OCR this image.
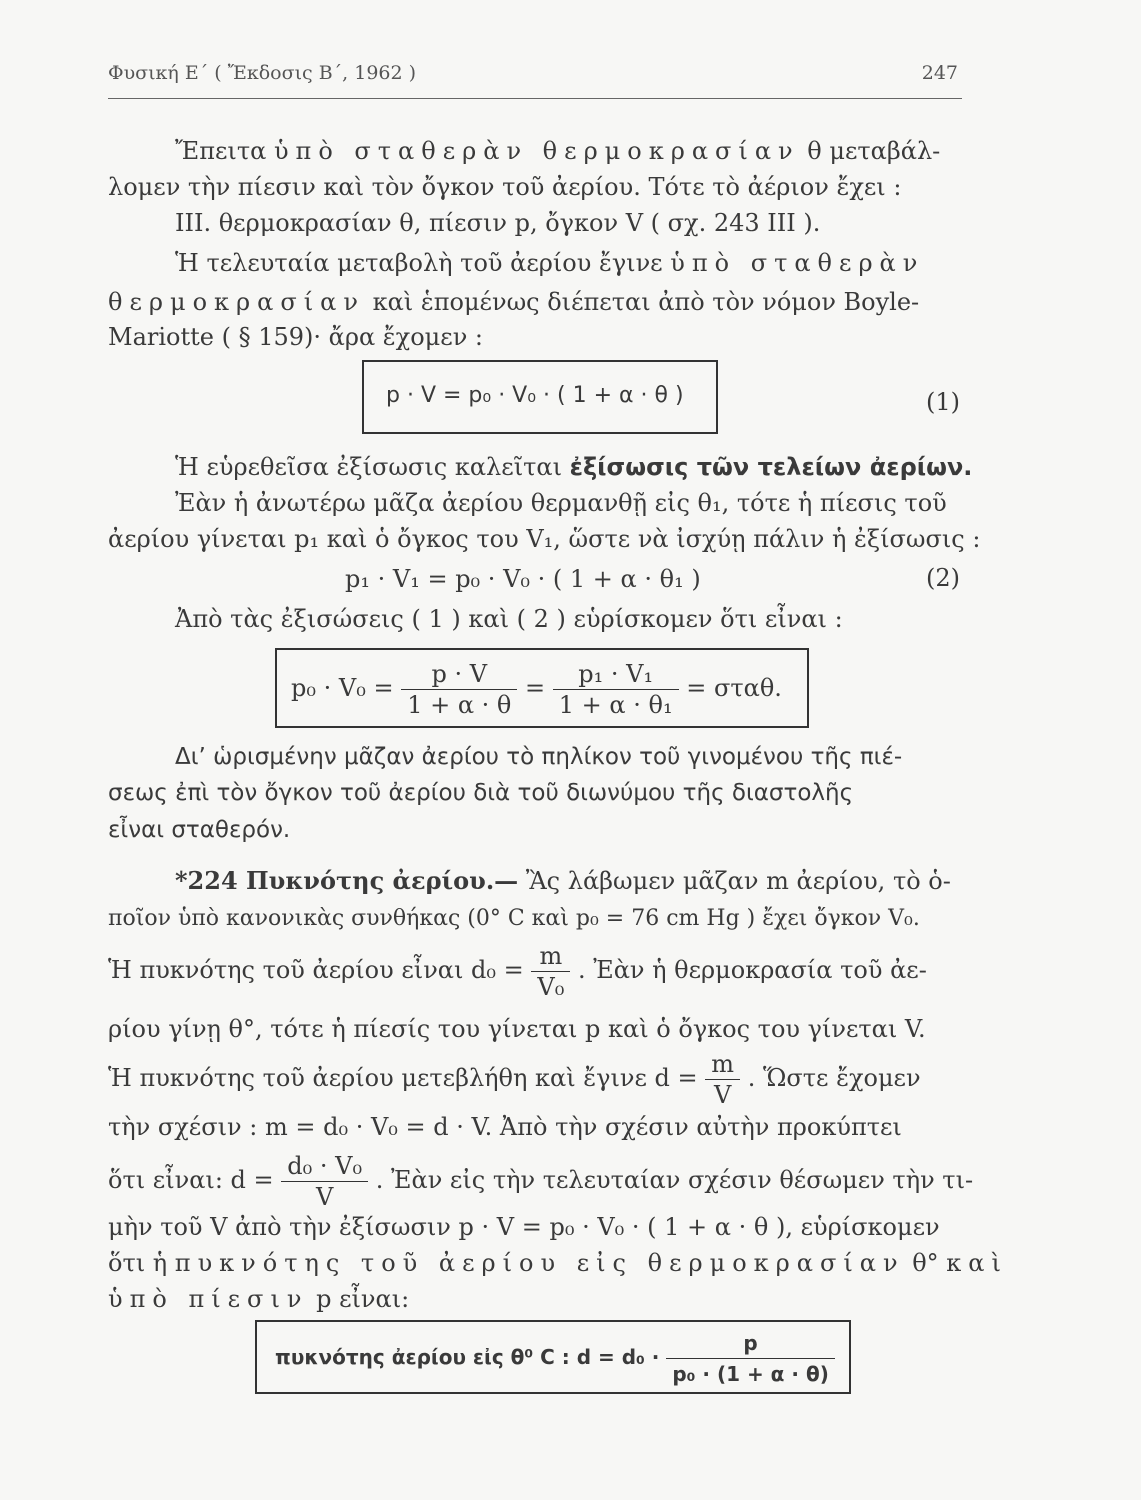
Φυσική Ε΄ ( Ἔκδοσις Β΄, 1962 )	247
Ἔπειτα ὑπὸ σταθερὰν θερμοκρασίαν θ μεταβάλ-
λομεν τὴν πίεσιν καὶ τὸν ὄγκον τοῦ ἀερίου. Τότε τὸ ἀέριον ἔχει :
ΙΙΙ. θερμοκρασίαν θ, πίεσιν p, ὄγκον V ( σχ. 243 ΙΙΙ ).
Ἡ τελευταία μεταβολὴ τοῦ ἀερίου ἔγινε ὑπὸ σταθερὰν
θερμοκρασίαν καὶ ἑπομένως διέπεται ἀπὸ τὸν νόμον Boyle-
Mariotte ( § 159)· ἄρα ἔχομεν :
p · V = p₀ · V₀ · ( 1 + α · θ )	(1)
Ἡ εὑρεθεῖσα ἐξίσωσις καλεῖται ἐξίσωσις τῶν τελείων ἀερίων.
Ἐὰν ἡ ἀνωτέρω μᾶζα ἀερίου θερμανθῇ εἰς θ₁, τότε ἡ πίεσις τοῦ
ἀερίου γίνεται p₁ καὶ ὁ ὄγκος του V₁, ὥστε νὰ ἰσχύῃ πάλιν ἡ ἐξίσωσις :
p₁ · V₁ = p₀ · V₀ · ( 1 + α · θ₁ )	(2)
Ἀπὸ τὰς ἐξισώσεις ( 1 ) καὶ ( 2 ) εὑρίσκομεν ὅτι εἶναι :
$p_0 \cdot V_0 = \frac{p \cdot V}{1 + \alpha \cdot \theta} = \frac{\text{p₁ · V₁}}{\text{1 + α · θ₁}} = \sigma\tau\alpha\theta$.
Δι’ ὡρισμένην μᾶζαν ἀερίου τὸ πηλίκον τοῦ γινομένου τῆς πιέ-
σεως ἐπὶ τὸν ὄγκον τοῦ ἀερίου διὰ τοῦ διωνύμου τῆς διαστολῆς
εἶναι σταθερόν.
*224 Πυκνότης ἀερίου.— Ἂς λάβωμεν μᾶζαν m ἀερίου, τὸ ὁ-
ποῖον ὑπὸ κανονικὰς συνθήκας (0° C καὶ p₀ = 76 cm Hg ) ἔχει ὄγκον V₀.
Ἡ πυκνότης τοῦ ἀερίου εἶναι $d_0 = \frac{m}{\text{V₀}}$ . Ἐὰν ἡ θερμοκρασία τοῦ ἀε-
ρίου γίνῃ θ°, τότε ἡ πίεσίς του γίνεται p καὶ ὁ ὄγκος του γίνεται V.
Ἡ πυκνότης τοῦ ἀερίου μετεβλήθη καὶ ἔγινε $d = \frac{m}{V}$ . Ὥστε ἔχομεν
τὴν σχέσιν : m = d₀ · V₀ = d · V. Ἀπὸ τὴν σχέσιν αὐτὴν προκύπτει
ὅτι εἶναι: $d = \frac{\text{d₀ · V₀}}{V}$ . Ἐὰν εἰς τὴν τελευταίαν σχέσιν θέσωμεν τὴν τι-
μὴν τοῦ V ἀπὸ τὴν ἐξίσωσιν p · V = p₀ · V₀ · ( 1 + α · θ ), εὑρίσκομεν
ὅτι ἡ πυκνότης τοῦ ἀερίου εἰς θερμοκρασίαν θ° καὶ
ὑπὸ πίεσιν p εἶναι:
πυκνότης ἀερίου εἰς θ⁰ C : $d = d_0 \cdot \frac{p}{\text{p₀ · (1 + α · θ)}}$
